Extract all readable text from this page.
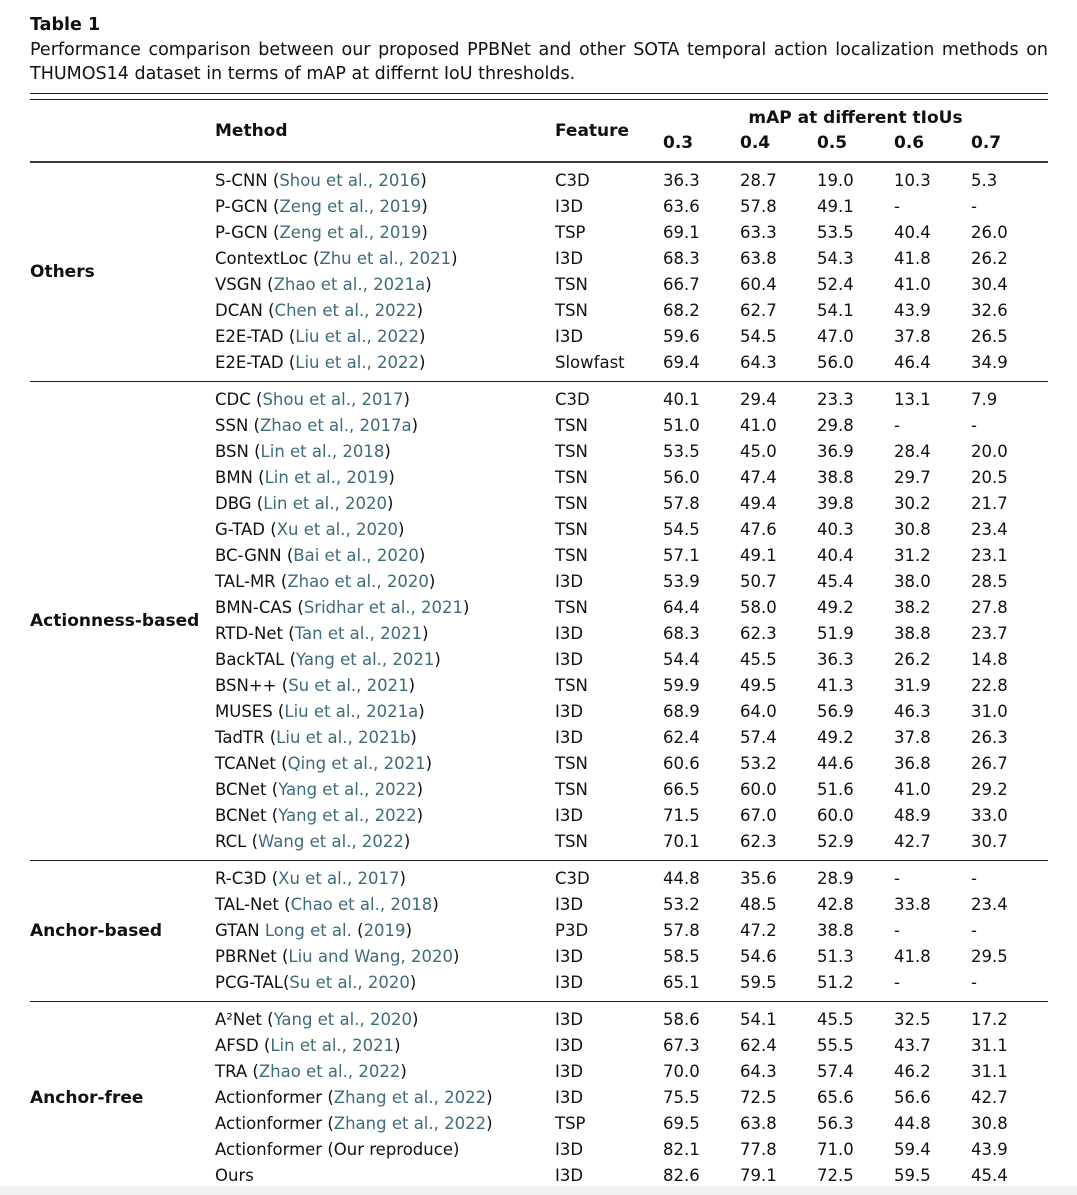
Table 1
Performance comparison between our proposed PPBNet and other SOTA temporal action localization methods on THUMOS14 dataset in terms of mAP at differnt IoU thresholds.
Method	Feature
mAP at different tIoUs
0.3	0.4	0.5	0.6	0.7
Others
S-CNN (Shou et al., 2016)	C3D	36.3	28.7	19.0	10.3	5.3
P-GCN (Zeng et al., 2019)	I3D	63.6	57.8	49.1	-	-
P-GCN (Zeng et al., 2019)	TSP	69.1	63.3	53.5	40.4	26.0
ContextLoc (Zhu et al., 2021)	I3D	68.3	63.8	54.3	41.8	26.2
VSGN (Zhao et al., 2021a)	TSN	66.7	60.4	52.4	41.0	30.4
DCAN (Chen et al., 2022)	TSN	68.2	62.7	54.1	43.9	32.6
E2E-TAD (Liu et al., 2022)	I3D	59.6	54.5	47.0	37.8	26.5
E2E-TAD (Liu et al., 2022)	Slowfast	69.4	64.3	56.0	46.4	34.9
Actionness-based
CDC (Shou et al., 2017)	C3D	40.1	29.4	23.3	13.1	7.9
SSN (Zhao et al., 2017a)	TSN	51.0	41.0	29.8	-	-
BSN (Lin et al., 2018)	TSN	53.5	45.0	36.9	28.4	20.0
BMN (Lin et al., 2019)	TSN	56.0	47.4	38.8	29.7	20.5
DBG (Lin et al., 2020)	TSN	57.8	49.4	39.8	30.2	21.7
G-TAD (Xu et al., 2020)	TSN	54.5	47.6	40.3	30.8	23.4
BC-GNN (Bai et al., 2020)	TSN	57.1	49.1	40.4	31.2	23.1
TAL-MR (Zhao et al., 2020)	I3D	53.9	50.7	45.4	38.0	28.5
BMN-CAS (Sridhar et al., 2021)	TSN	64.4	58.0	49.2	38.2	27.8
RTD-Net (Tan et al., 2021)	I3D	68.3	62.3	51.9	38.8	23.7
BackTAL (Yang et al., 2021)	I3D	54.4	45.5	36.3	26.2	14.8
BSN++ (Su et al., 2021)	TSN	59.9	49.5	41.3	31.9	22.8
MUSES (Liu et al., 2021a)	I3D	68.9	64.0	56.9	46.3	31.0
TadTR (Liu et al., 2021b)	I3D	62.4	57.4	49.2	37.8	26.3
TCANet (Qing et al., 2021)	TSN	60.6	53.2	44.6	36.8	26.7
BCNet (Yang et al., 2022)	TSN	66.5	60.0	51.6	41.0	29.2
BCNet (Yang et al., 2022)	I3D	71.5	67.0	60.0	48.9	33.0
RCL (Wang et al., 2022)	TSN	70.1	62.3	52.9	42.7	30.7
Anchor-based
R-C3D (Xu et al., 2017)	C3D	44.8	35.6	28.9	-	-
TAL-Net (Chao et al., 2018)	I3D	53.2	48.5	42.8	33.8	23.4
GTAN Long et al. (2019)	P3D	57.8	47.2	38.8	-	-
PBRNet (Liu and Wang, 2020)	I3D	58.5	54.6	51.3	41.8	29.5
PCG-TAL(Su et al., 2020)	I3D	65.1	59.5	51.2	-	-
Anchor-free
A²Net (Yang et al., 2020)	I3D	58.6	54.1	45.5	32.5	17.2
AFSD (Lin et al., 2021)	I3D	67.3	62.4	55.5	43.7	31.1
TRA (Zhao et al., 2022)	I3D	70.0	64.3	57.4	46.2	31.1
Actionformer (Zhang et al., 2022)	I3D	75.5	72.5	65.6	56.6	42.7
Actionformer (Zhang et al., 2022)	TSP	69.5	63.8	56.3	44.8	30.8
Actionformer (Our reproduce)	I3D	82.1	77.8	71.0	59.4	43.9
Ours	I3D	82.6	79.1	72.5	59.5	45.4
